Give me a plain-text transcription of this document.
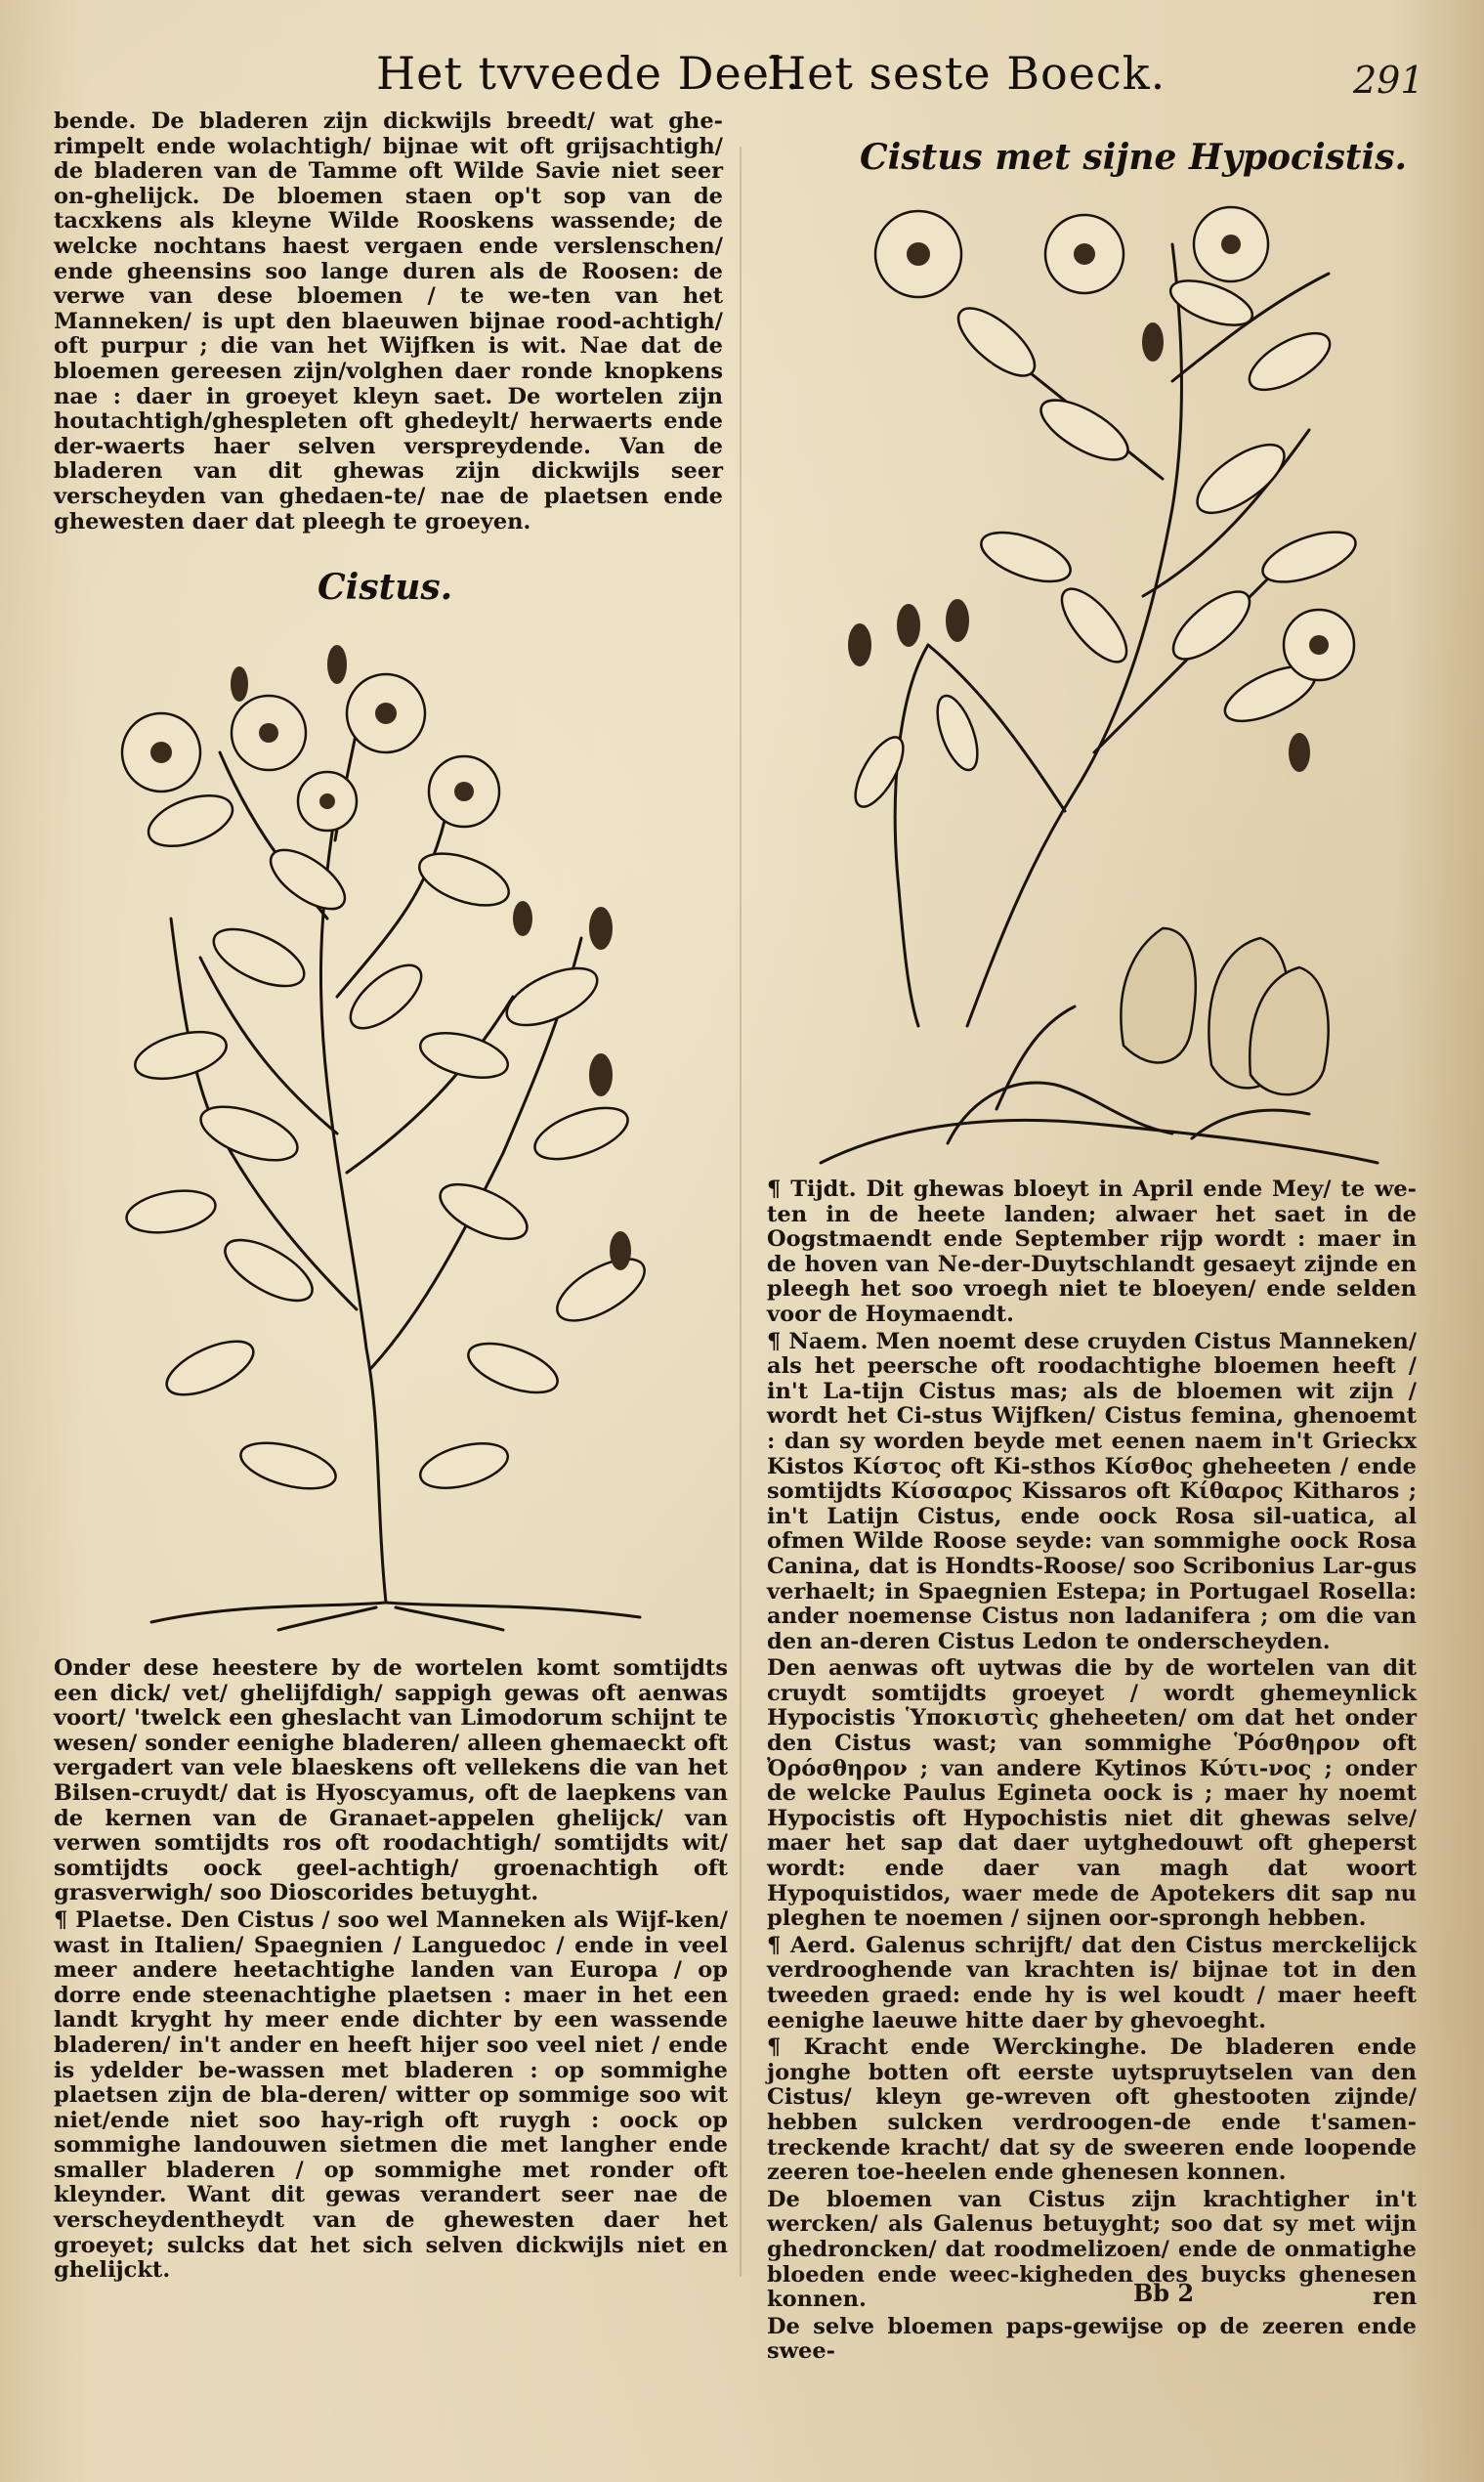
Het tvveede Deel.
Het seste Boeck.	291

bende. De bladeren zijn dickwijls breedt/ wat ghe-rimpelt ende wolachtigh/ bijnae wit oft grijsachtigh/ de bladeren van de Tamme oft Wilde Savie niet seer on-ghelijck. De bloemen staen op't sop van de tacxkens als kleyne Wilde Rooskens wassende; de welcke nochtans haest vergaen ende verslenschen/ ende gheensins soo lange duren als de Roosen: de verwe van dese bloemen / te we-ten van het Manneken/ is upt den blaeuwen bijnae rood-achtigh/ oft purpur ; die van het Wijfken is wit. Nae dat de bloemen gereesen zijn/volghen daer ronde knopkens nae : daer in groeyet kleyn saet. De wortelen zijn houtachtigh/ghespleten oft ghedeylt/ herwaerts ende der-waerts haer selven verspreydende. Van de bladeren van dit ghewas zijn dickwijls seer verscheyden van ghedaen-te/ nae de plaetsen ende ghewesten daer dat pleegh te groeyen.

Cistus.

Onder dese heestere by de wortelen komt somtijdts een dick/ vet/ ghelijfdigh/ sappigh gewas oft aenwas voort/ 'twelck een gheslacht van Limodorum schijnt te wesen/ sonder eenighe bladeren/ alleen ghemaeckt oft vergadert van vele blaeskens oft vellekens die van het Bilsen-cruydt/ dat is Hyoscyamus, oft de laepkens van de kernen van de Granaet-appelen ghelijck/ van verwen somtijdts ros oft roodachtigh/ somtijdts wit/ somtijdts oock geel-achtigh/ groenachtigh oft grasverwigh/ soo Dioscorides betuyght.

¶ Plaetse. Den Cistus / soo wel Manneken als Wijf-ken/ wast in Italien/ Spaegnien / Languedoc / ende in veel meer andere heetachtighe landen van Europa / op dorre ende steenachtighe plaetsen : maer in het een landt kryght hy meer ende dichter by een wassende bladeren/ in't ander en heeft hijer soo veel niet / ende is ydelder be-wassen met bladeren : op sommighe plaetsen zijn de bla-deren/ witter op sommige soo wit niet/ende niet soo hay-righ oft ruygh : oock op sommighe landouwen sietmen die met langher ende smaller bladeren / op sommighe met ronder oft kleynder. Want dit gewas verandert seer nae de verscheydentheydt van de ghewesten daer het groeyet; sulcks dat het sich selven dickwijls niet en ghelijckt.

Cistus met sijne Hypocistis.

¶ Tijdt. Dit ghewas bloeyt in April ende Mey/ te we-ten in de heete landen; alwaer het saet in de Oogstmaendt ende September rijp wordt : maer in de hoven van Ne-der-Duytschlandt gesaeyt zijnde en pleegh het soo vroegh niet te bloeyen/ ende selden voor de Hoymaendt.

¶ Naem. Men noemt dese cruyden Cistus Manneken/ als het peersche oft roodachtighe bloemen heeft / in't La-tijn Cistus mas; als de bloemen wit zijn / wordt het Ci-stus Wijfken/ Cistus femina, ghenoemt : dan sy worden beyde met eenen naem in't Grieckx Kistos Κίστος oft Ki-sthos Κίσθος gheheeten / ende somtijdts Κίσσαρος Kissaros oft Κίθαρος Kitharos ; in't Latijn Cistus, ende oock Rosa sil-uatica, al ofmen Wilde Roose seyde: van sommighe oock Rosa Canina, dat is Hondts-Roose/ soo Scribonius Lar-gus verhaelt; in Spaegnien Estepa; in Portugael Rosella: ander noemense Cistus non ladanifera ; om die van den an-deren Cistus Ledon te onderscheyden.

Den aenwas oft uytwas die by de wortelen van dit cruydt somtijdts groeyet / wordt ghemeynlick Hypocistis Ὑποκιστὶς gheheeten/ om dat het onder den Cistus wast; van sommighe Ῥόσθηρον oft Ὀρόσθηρον ; van andere Kytinos Κύτι-νος ; onder de welcke Paulus Egineta oock is ; maer hy noemt Hypocistis oft Hypochistis niet dit ghewas selve/ maer het sap dat daer uytghedouwt oft gheperst wordt: ende daer van magh dat woort Hypoquistidos, waer mede de Apotekers dit sap nu pleghen te noemen / sijnen oor-sprongh hebben.

¶ Aerd. Galenus schrijft/ dat den Cistus merckelijck verdrooghende van krachten is/ bijnae tot in den tweeden graed: ende hy is wel koudt / maer heeft eenighe laeuwe hitte daer by ghevoeght.

¶ Kracht ende Werckinghe. De bladeren ende jonghe botten oft eerste uytspruytselen van den Cistus/ kleyn ge-wreven oft ghestooten zijnde/ hebben sulcken verdroogen-de ende t'samen-treckende kracht/ dat sy de sweeren ende loopende zeeren toe-heelen ende ghenesen konnen.

De bloemen van Cistus zijn krachtigher in't wercken/ als Galenus betuyght; soo dat sy met wijn ghedroncken/ dat roodmelizoen/ ende de onmatighe bloeden ende weec-kigheden des buycks ghenesen konnen.

De selve bloemen paps-gewijse op de zeeren ende swee-

Bb 2	ren
